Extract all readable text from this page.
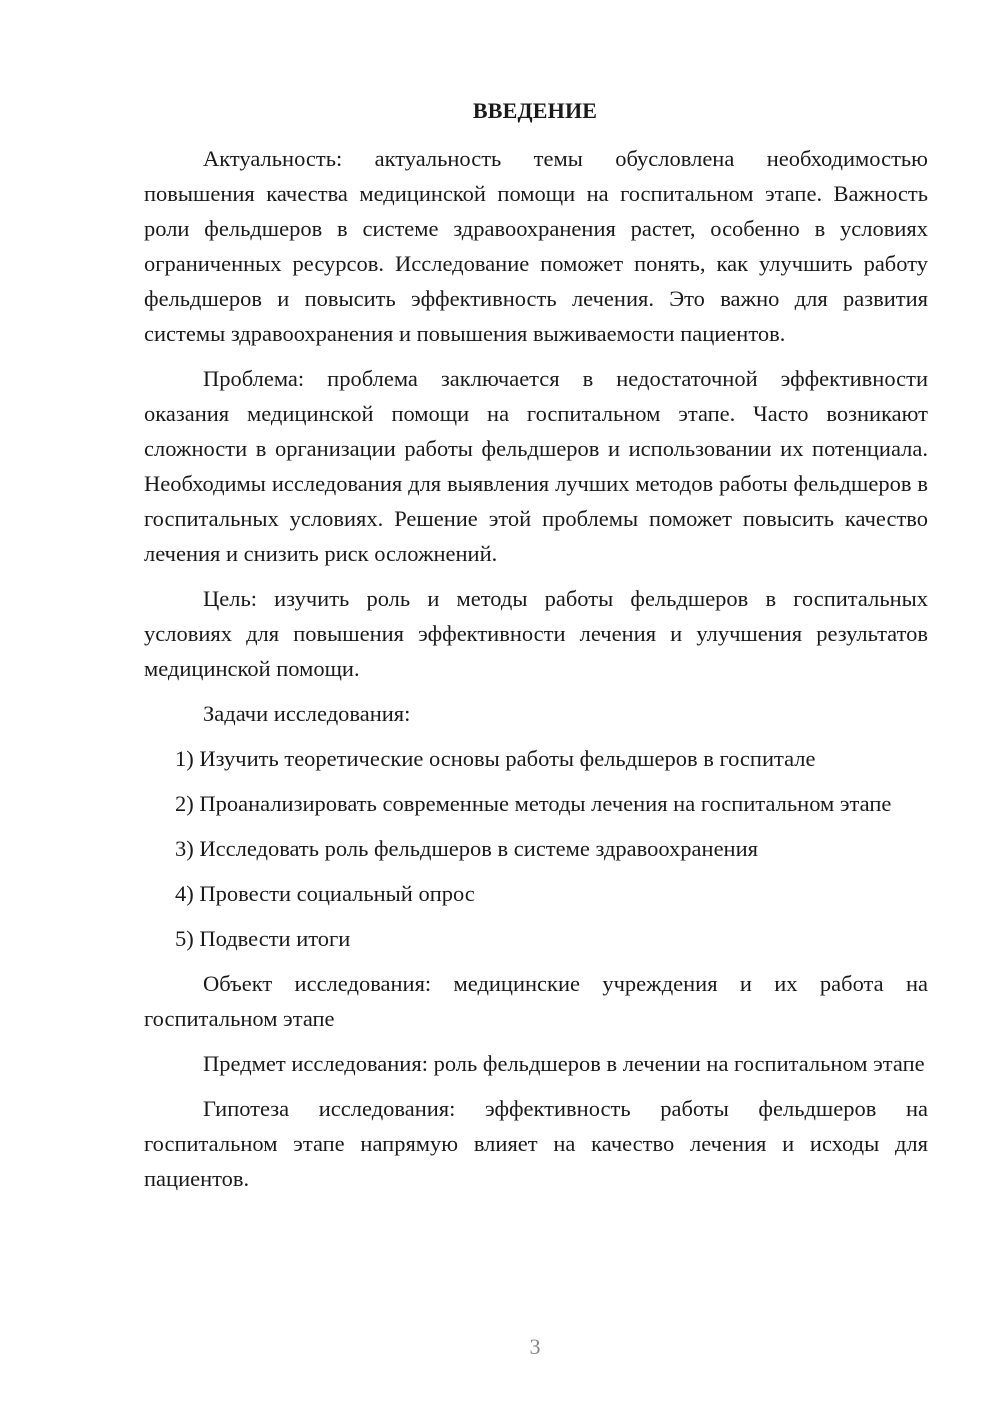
ВВЕДЕНИЕ

Актуальность: актуальность темы обусловлена необходимостью повышения качества медицинской помощи на госпитальном этапе. Важность роли фельдшеров в системе здравоохранения растет, особенно в условиях ограниченных ресурсов. Исследование поможет понять, как улучшить работу фельдшеров и повысить эффективность лечения. Это важно для развития системы здравоохранения и повышения выживаемости пациентов.

Проблема: проблема заключается в недостаточной эффективности оказания медицинской помощи на госпитальном этапе. Часто возникают сложности в организации работы фельдшеров и использовании их потенциала. Необходимы исследования для выявления лучших методов работы фельдшеров в госпитальных условиях. Решение этой проблемы поможет повысить качество лечения и снизить риск осложнений.

Цель: изучить роль и методы работы фельдшеров в госпитальных условиях для повышения эффективности лечения и улучшения результатов медицинской помощи.

Задачи исследования:

1) Изучить теоретические основы работы фельдшеров в госпитале

2) Проанализировать современные методы лечения на госпитальном этапе

3) Исследовать роль фельдшеров в системе здравоохранения

4) Провести социальный опрос

5) Подвести итоги

Объект исследования: медицинские учреждения и их работа на госпитальном этапе

Предмет исследования: роль фельдшеров в лечении на госпитальном этапе

Гипотеза исследования: эффективность работы фельдшеров на госпитальном этапе напрямую влияет на качество лечения и исходы для пациентов.

3
